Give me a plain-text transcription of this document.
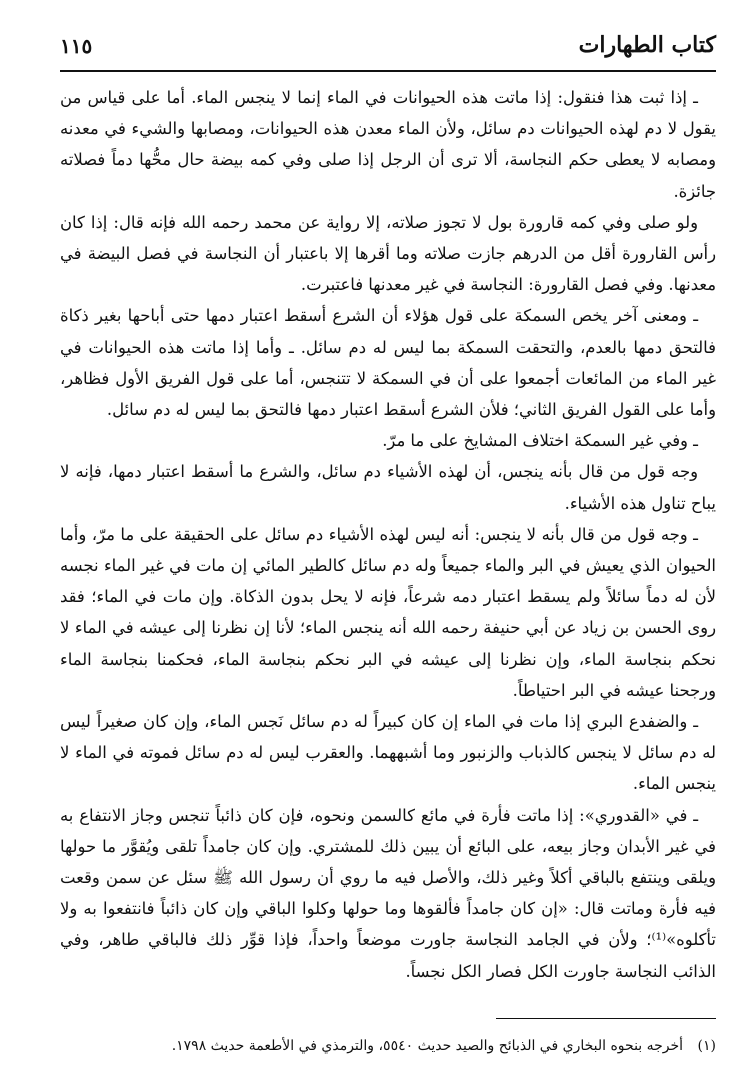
كتاب الطهارات
١١٥

ـ إذا ثبت هذا فنقول: إذا ماتت هذه الحيوانات في الماء إنما لا ينجس الماء. أما على قياس من يقول لا دم لهذه الحيوانات دم سائل، ولأن الماء معدن هذه الحيوانات، ومصابها والشيء في معدنه ومصابه لا يعطى حكم النجاسة، ألا ترى أن الرجل إذا صلى وفي كمه بيضة حال محُّها دماً فصلاته جائزة.

ولو صلى وفي كمه قارورة بول لا تجوز صلاته، إلا رواية عن محمد رحمه الله فإنه قال: إذا كان رأس القارورة أقل من الدرهم جازت صلاته وما أقرها إلا باعتبار أن النجاسة في فصل البيضة في معدنها. وفي فصل القارورة: النجاسة في غير معدنها فاعتبرت.

ـ ومعنى آخر يخص السمكة على قول هؤلاء أن الشرع أسقط اعتبار دمها حتى أباحها بغير ذكاة فالتحق دمها بالعدم، والتحقت السمكة بما ليس له دم سائل. ـ وأما إذا ماتت هذه الحيوانات في غير الماء من المائعات أجمعوا على أن في السمكة لا تتنجس، أما على قول الفريق الأول فظاهر، وأما على القول الفريق الثاني؛ فلأن الشرع أسقط اعتبار دمها فالتحق بما ليس له دم سائل.

ـ وفي غير السمكة اختلاف المشايخ على ما مرّ.

وجه قول من قال بأنه ينجس، أن لهذه الأشياء دم سائل، والشرع ما أسقط اعتبار دمها، فإنه لا يباح تناول هذه الأشياء.

ـ وجه قول من قال بأنه لا ينجس: أنه ليس لهذه الأشياء دم سائل على الحقيقة على ما مرّ، وأما الحيوان الذي يعيش في البر والماء جميعاً وله دم سائل كالطير المائي إن مات في غير الماء نجسه لأن له دماً سائلاً ولم يسقط اعتبار دمه شرعاً، فإنه لا يحل بدون الذكاة. وإن مات في الماء؛ فقد روى الحسن بن زياد عن أبي حنيفة رحمه الله أنه ينجس الماء؛ لأنا إن نظرنا إلى عيشه في الماء لا نحكم بنجاسة الماء، وإن نظرنا إلى عيشه في البر نحكم بنجاسة الماء، فحكمنا بنجاسة الماء ورجحنا عيشه في البر احتياطاً.

ـ والضفدع البري إذا مات في الماء إن كان كبيراً له دم سائل نَجس الماء، وإن كان صغيراً ليس له دم سائل لا ينجس كالذباب والزنبور وما أشبههما. والعقرب ليس له دم سائل فموته في الماء لا ينجس الماء.

ـ في «القدوري»: إذا ماتت فأرة في مائع كالسمن ونحوه، فإن كان ذائباً تنجس وجاز الانتفاع به في غير الأبدان وجاز بيعه، على البائع أن يبين ذلك للمشتري. وإن كان جامداً تلقى ويُقوَّر ما حولها ويلقى وينتفع بالباقي أكلاً وغير ذلك، والأصل فيه ما روي أن رسول الله ﷺ سئل عن سمن وقعت فيه فأرة وماتت قال: «إن كان جامداً فألقوها وما حولها وكلوا الباقي وإن كان ذائباً فانتفعوا به ولا تأكلوه»⁽¹⁾؛ ولأن في الجامد النجاسة جاورت موضعاً واحداً، فإذا قوِّر ذلك فالباقي طاهر، وفي الذائب النجاسة جاورت الكل فصار الكل نجساً.

(١) أخرجه بنحوه البخاري في الذبائح والصيد حديث ٥٥٤٠، والترمذي في الأطعمة حديث ١٧٩٨.
